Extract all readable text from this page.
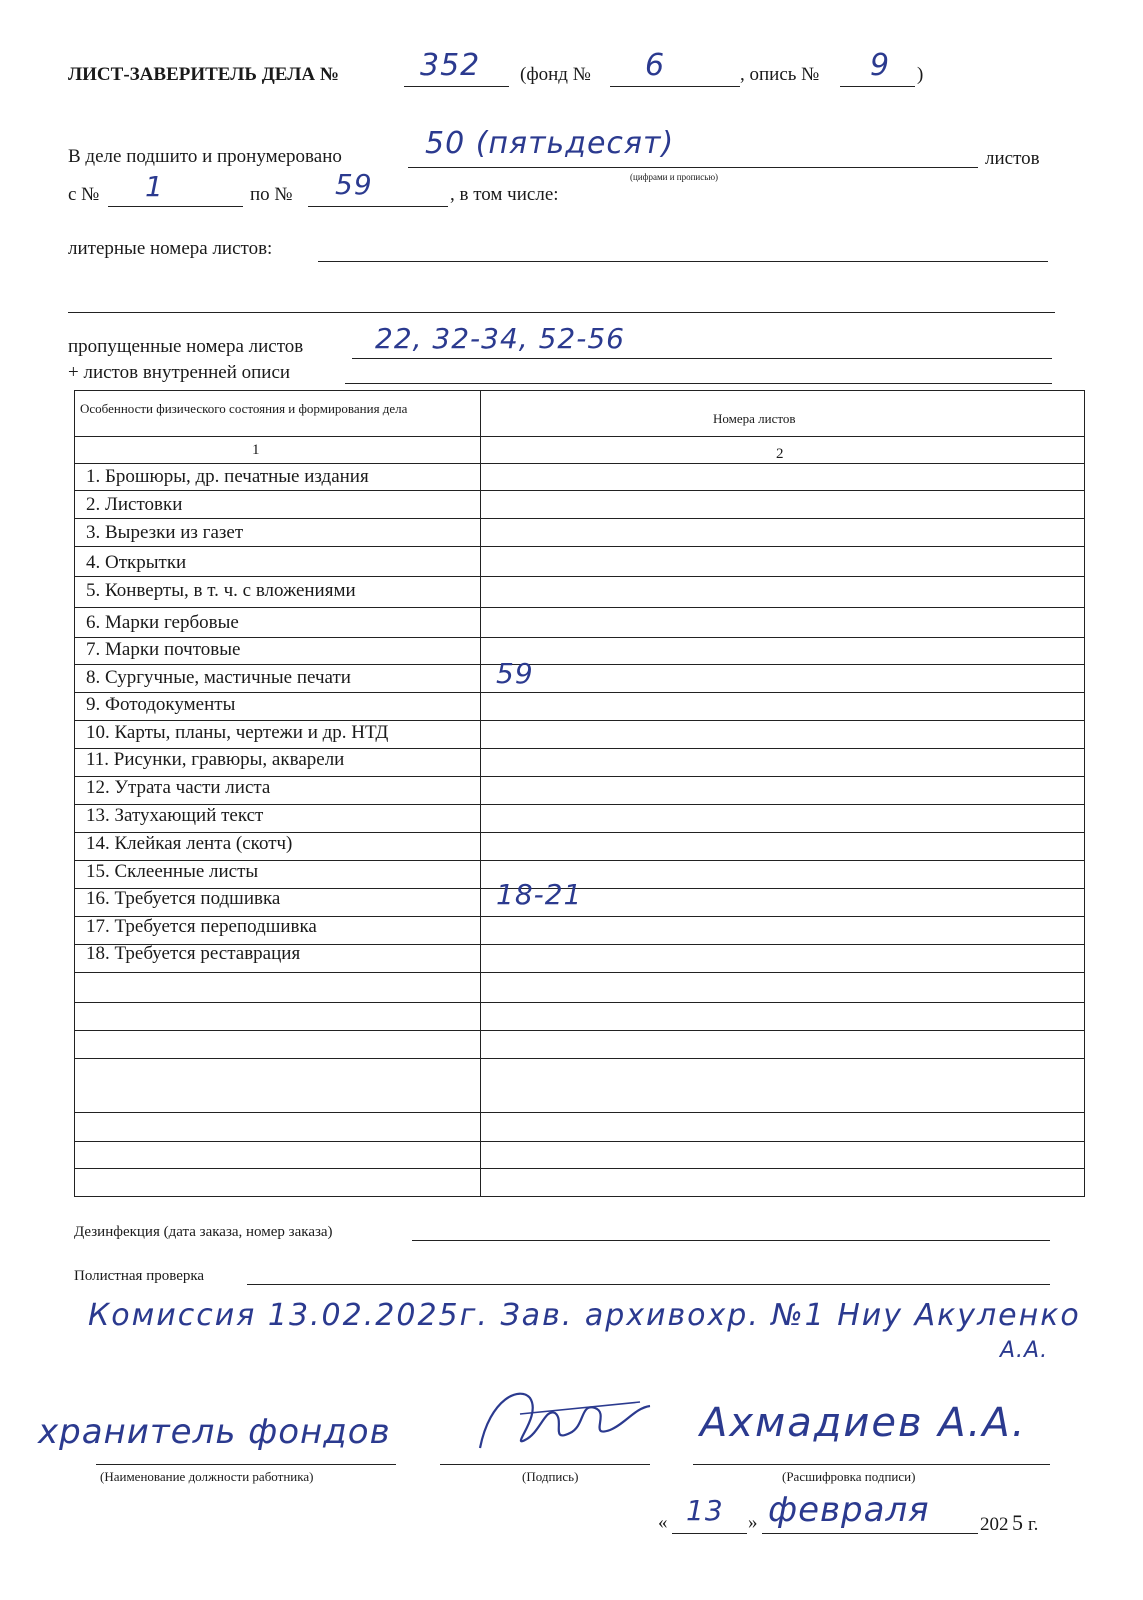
ЛИСТ-ЗАВЕРИТЕЛЬ ДЕЛА №	352 (фонд № 6	, опись № 9 )
В деле подшито и пронумеровано	50 (пятьдесят)
(цифрами и прописью)
листов
с № 1	по № 59	, в том числе:
литерные номера листов:
пропущенные номера листов	22, 32-34, 52-56
+ листов внутренней описи
Особенности физического состояния и формирования дела
Номера листов
1	2
1. Брошюры, др. печатные издания
2. Листовки
3. Вырезки из газет
4. Открытки
5. Конверты, в т. ч. с вложениями
6. Марки гербовые
7. Марки почтовые
8. Сургучные, мастичные печати	59
9. Фотодокументы
10. Карты, планы, чертежи и др. НТД
11. Рисунки, гравюры, акварели
12. Утрата части листа
13. Затухающий текст
14. Клейкая лента (скотч)
15. Склеенные листы
16. Требуется подшивка	18-21
17. Требуется переподшивка
18. Требуется реставрация
Дезинфекция (дата заказа, номер заказа)
Полистная проверка
Комиссия 13.02.2025г. Зав. архивохр. №1 Ниу Акуленко
А.А.
хранитель фондов
(Наименование должности работника)	(Подпись)
Ахмадиев А.А.
(Расшифровка подписи)
« 13 » февраля	202 5 г.
